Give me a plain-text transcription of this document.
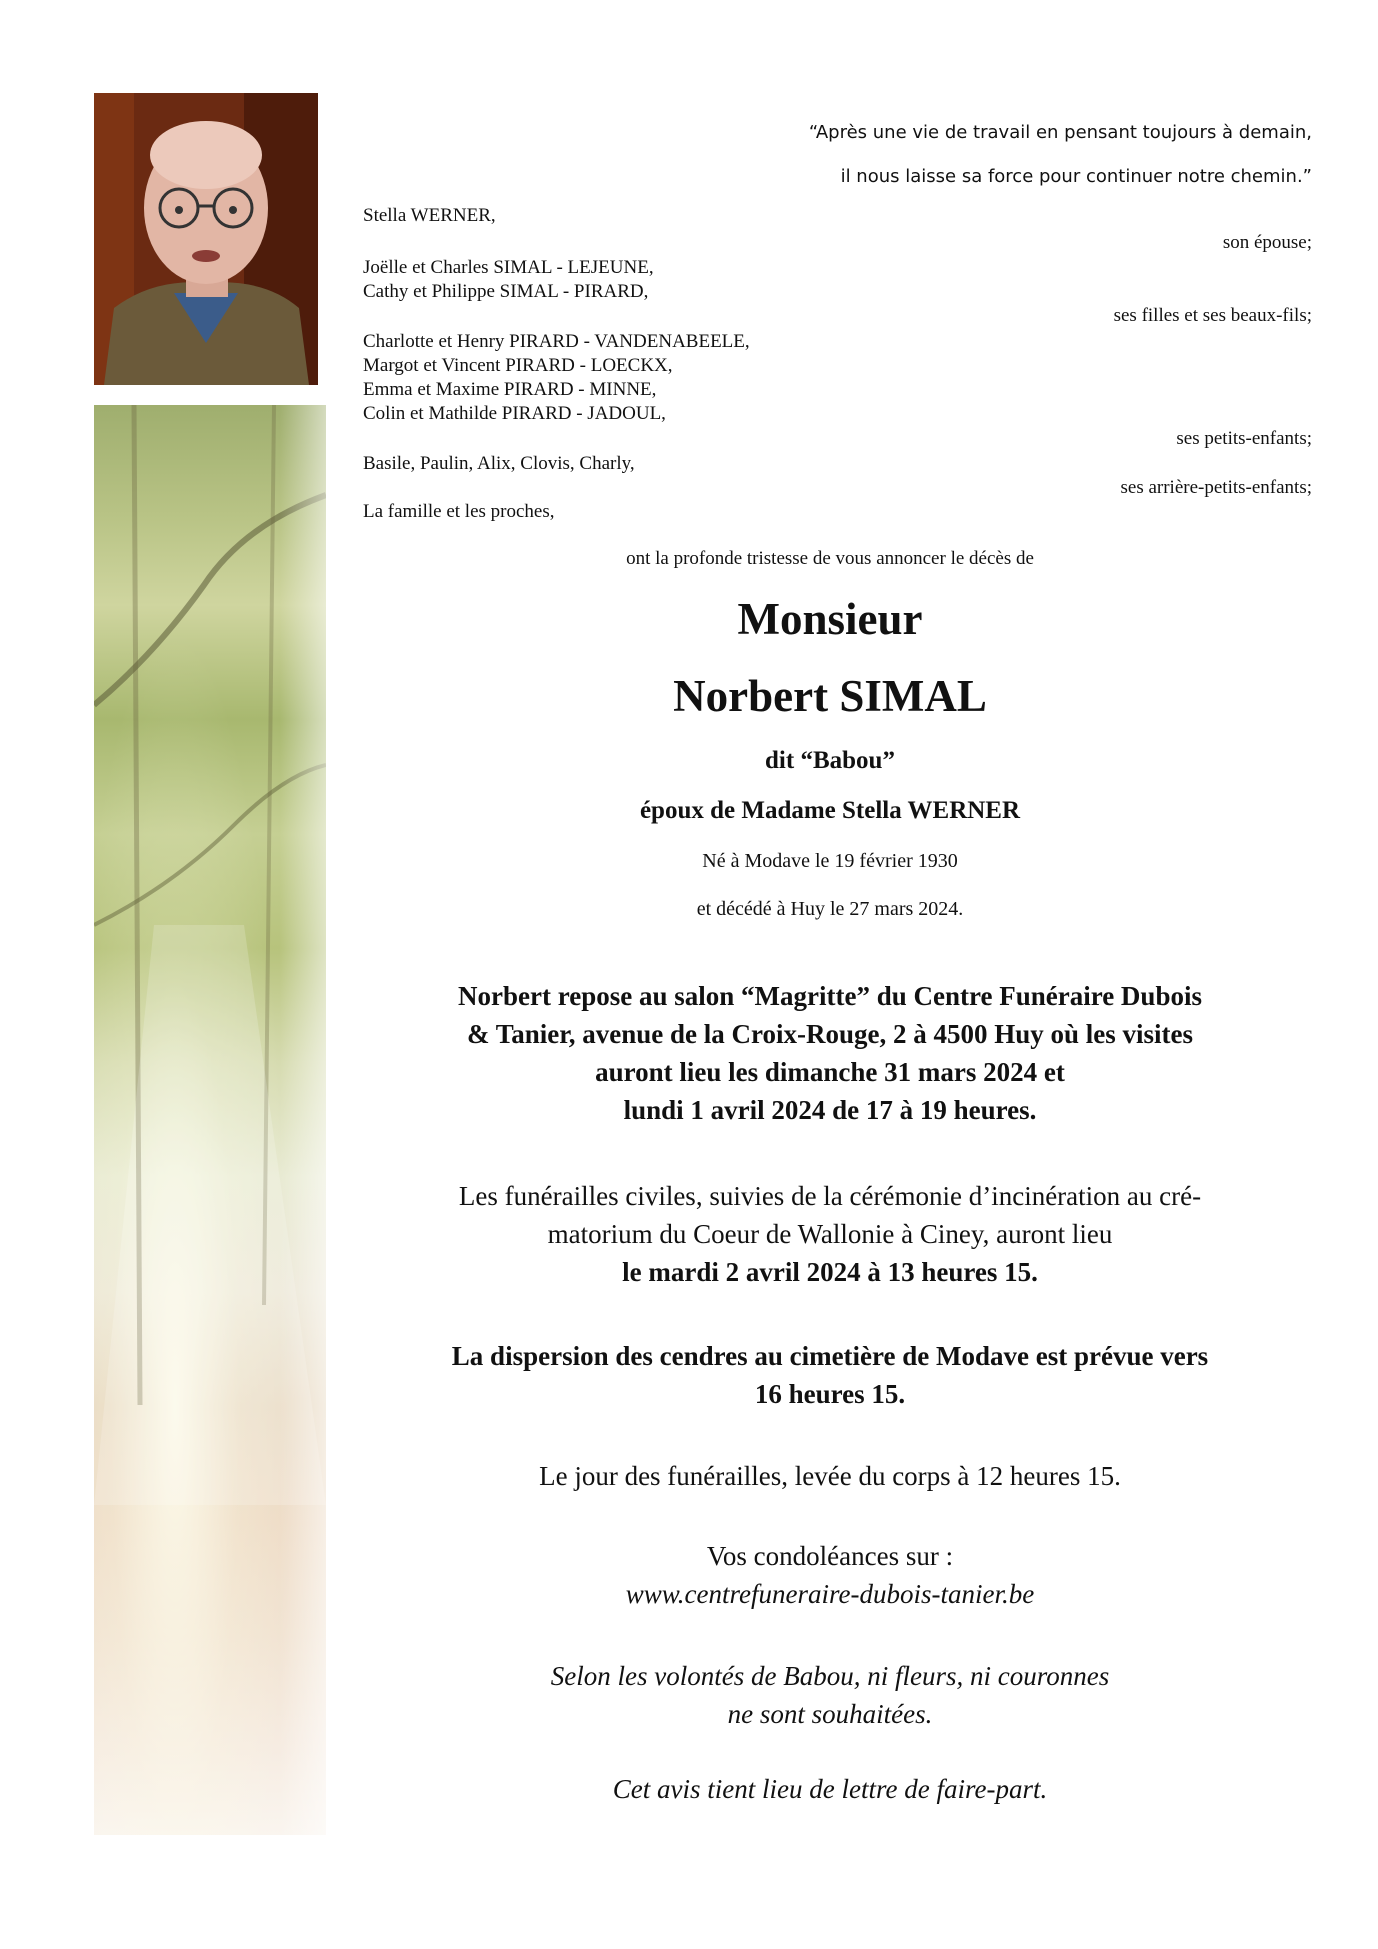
“Après une vie de travail en pensant toujours à demain,
il nous laisse sa force pour continuer notre chemin.”
Stella WERNER,
son épouse;
Joëlle et Charles SIMAL - LEJEUNE,
Cathy et Philippe SIMAL - PIRARD,
ses filles et ses beaux-fils;
Charlotte et Henry PIRARD - VANDENABEELE,
Margot et Vincent PIRARD - LOECKX,
Emma et Maxime PIRARD - MINNE,
Colin et Mathilde PIRARD - JADOUL,
ses petits-enfants;
Basile, Paulin, Alix, Clovis, Charly,
ses arrière-petits-enfants;
La famille et les proches,
ont la profonde tristesse de vous annoncer le décès de
Monsieur
Norbert SIMAL
dit “Babou”
époux de Madame Stella WERNER
Né à Modave le 19 février 1930
et décédé à Huy le 27 mars 2024.
Norbert repose au salon “Magritte” du Centre Funéraire Dubois
& Tanier, avenue de la Croix-Rouge, 2 à 4500 Huy où les visites
auront lieu les dimanche 31 mars 2024 et
lundi 1 avril 2024 de 17 à 19 heures.
Les funérailles civiles, suivies de la cérémonie d’incinération au cré-
matorium du Coeur de Wallonie à Ciney, auront lieu
le mardi 2 avril 2024 à 13 heures 15.
La dispersion des cendres au cimetière de Modave est prévue vers
16 heures 15.
Le jour des funérailles, levée du corps à 12 heures 15.
Vos condoléances sur :
www.centrefuneraire-dubois-tanier.be
Selon les volontés de Babou, ni fleurs, ni couronnes
ne sont souhaitées.
Cet avis tient lieu de lettre de faire-part.
